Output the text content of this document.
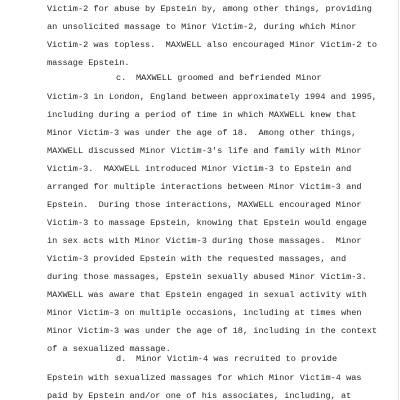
Victim-2 for abuse by Epstein by, among other things, providing
an unsolicited massage to Minor Victim-2, during which Minor
Victim-2 was topless.  MAXWELL also encouraged Minor Victim-2 to
massage Epstein.
c. MAXWELL groomed and befriended Minor
Victim-3 in London, England between approximately 1994 and 1995,
including during a period of time in which MAXWELL knew that
Minor Victim-3 was under the age of 18.  Among other things,
MAXWELL discussed Minor Victim-3's life and family with Minor
Victim-3.  MAXWELL introduced Minor Victim-3 to Epstein and
arranged for multiple interactions between Minor Victim-3 and
Epstein.  During those interactions, MAXWELL encouraged Minor
Victim-3 to massage Epstein, knowing that Epstein would engage
in sex acts with Minor Victim-3 during those massages.  Minor
Victim-3 provided Epstein with the requested massages, and
during those massages, Epstein sexually abused Minor Victim-3.
MAXWELL was aware that Epstein engaged in sexual activity with
Minor Victim-3 on multiple occasions, including at times when
Minor Victim-3 was under the age of 18, including in the context
of a sexualized massage.
d. Minor Victim-4 was recruited to provide
Epstein with sexualized massages for which Minor Victim-4 was
paid by Epstein and/or one of his associates, including, at
